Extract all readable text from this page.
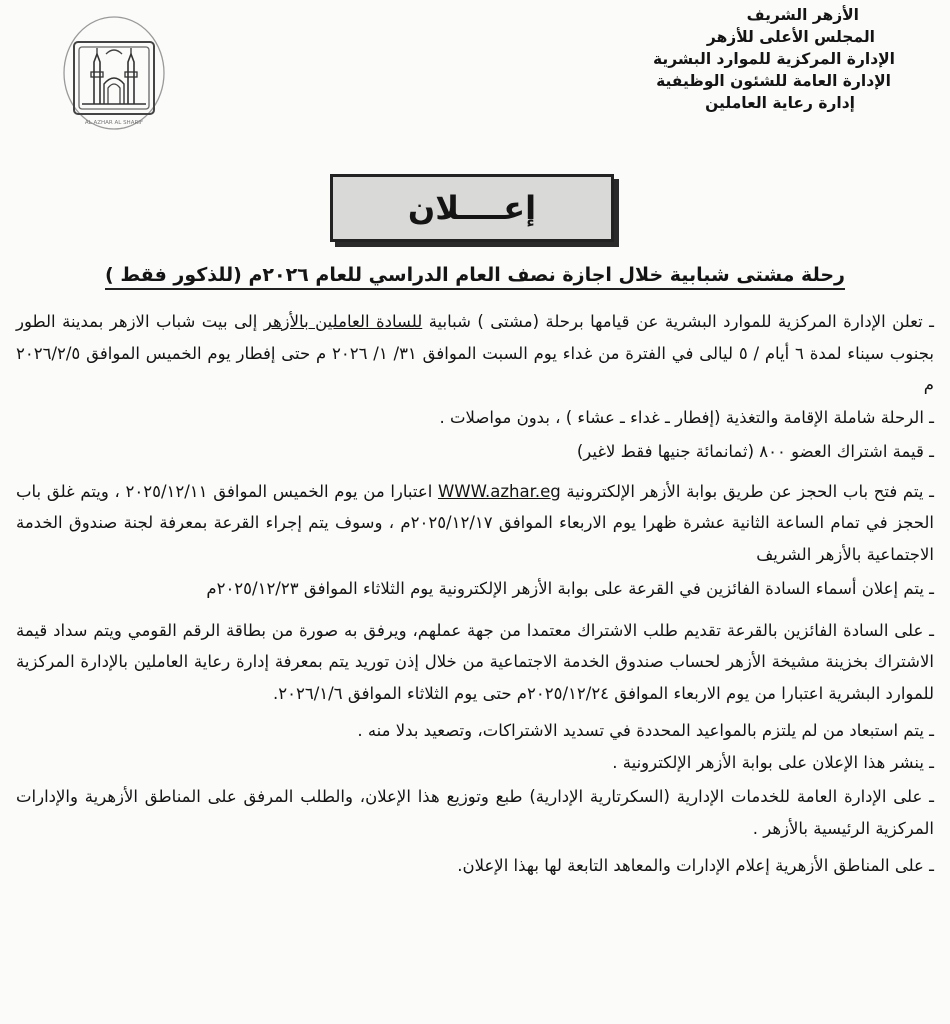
AL AZHAR AL SHARIF
الأزهر الشريف
المجلس الأعلى للأزهر
الإدارة المركزية للموارد البشرية
الإدارة العامة للشئون الوظيفية
إدارة رعاية العاملين
إعــــلان
رحلة مشتى شبابية خلال اجازة نصف العام الدراسي للعام ٢٠٢٦م (للذكور فقط )

ـ تعلن الإدارة المركزية للموارد البشرية عن قيامها برحلة (مشتى ) شبابية للسادة العاملين بالأزهر إلى بيت شباب الازهر بمدينة الطور بجنوب سيناء لمدة ٦ أيام / ٥ ليالى في الفترة من غداء يوم السبت الموافق ٣١/ ١/ ٢٠٢٦ م حتى إفطار يوم الخميس الموافق ٢٠٢٦/٢/٥ م

ـ الرحلة شاملة الإقامة والتغذية (إفطار ـ غداء ـ عشاء ) ، بدون مواصلات .

ـ قيمة اشتراك العضو ٨٠٠ (ثمانمائة جنيها فقط لاغير)

ـ يتم فتح باب الحجز عن طريق بوابة الأزهر الإلكترونية WWW.azhar.eg اعتبارا من يوم الخميس الموافق ٢٠٢٥/١٢/١١ ، ويتم غلق باب الحجز في تمام الساعة الثانية عشرة ظهرا يوم الاربعاء الموافق ٢٠٢٥/١٢/١٧م ، وسوف يتم إجراء القرعة بمعرفة لجنة صندوق الخدمة الاجتماعية بالأزهر الشريف

ـ يتم إعلان أسماء السادة الفائزين في القرعة على بوابة الأزهر الإلكترونية يوم الثلاثاء الموافق ٢٠٢٥/١٢/٢٣م

ـ على السادة الفائزين بالقرعة تقديم طلب الاشتراك معتمدا من جهة عملهم، ويرفق به صورة من بطاقة الرقم القومي ويتم سداد قيمة الاشتراك بخزينة مشيخة الأزهر لحساب صندوق الخدمة الاجتماعية من خلال إذن توريد يتم بمعرفة إدارة رعاية العاملين بالإدارة المركزية للموارد البشرية اعتبارا من يوم الاربعاء الموافق ٢٠٢٥/١٢/٢٤م حتى يوم الثلاثاء الموافق ٢٠٢٦/١/٦.

ـ يتم استبعاد من لم يلتزم بالمواعيد المحددة في تسديد الاشتراكات، وتصعيد بدلا منه .

ـ ينشر هذا الإعلان على بوابة الأزهر الإلكترونية .

ـ على الإدارة العامة للخدمات الإدارية (السكرتارية الإدارية) طبع وتوزيع هذا الإعلان، والطلب المرفق على المناطق الأزهرية والإدارات المركزية الرئيسية بالأزهر .

ـ على المناطق الأزهرية إعلام الإدارات والمعاهد التابعة لها بهذا الإعلان.
